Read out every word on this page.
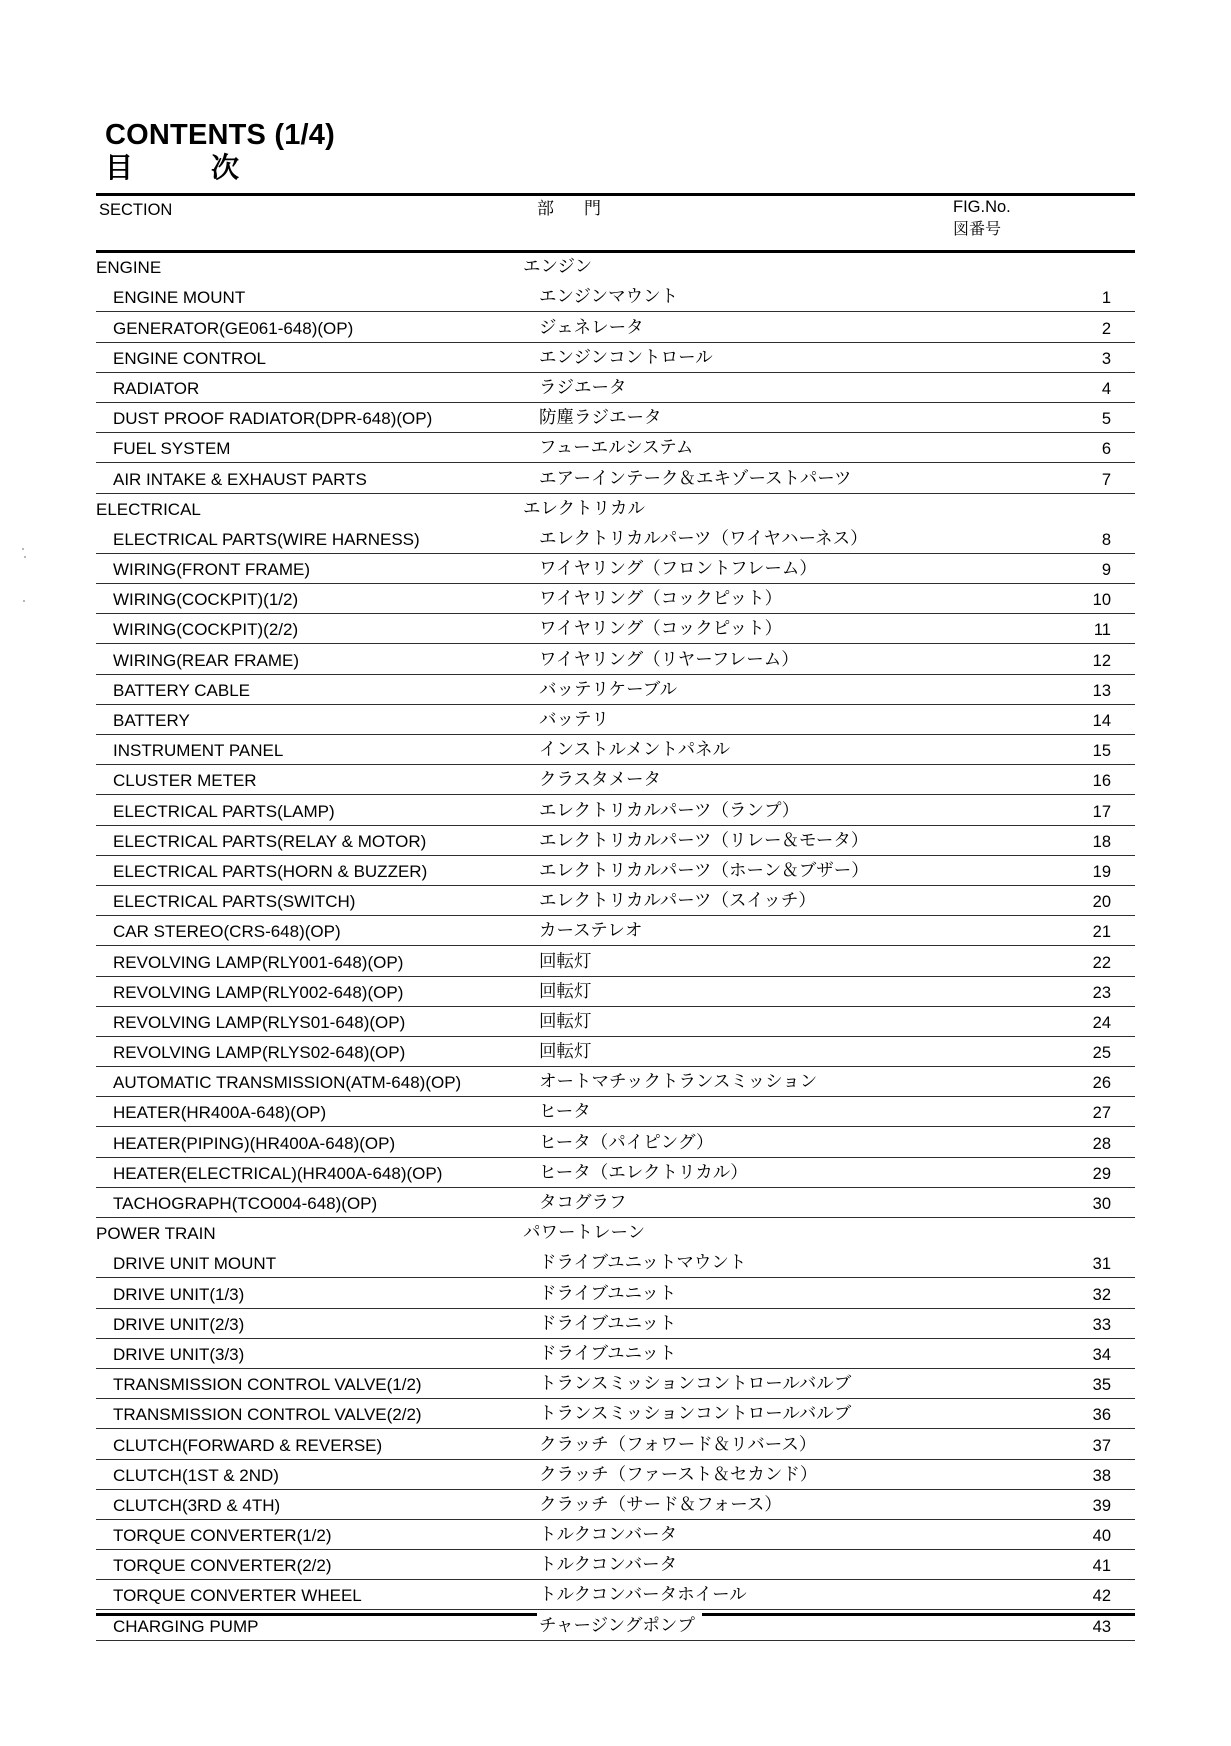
CONTENTS (1/4)
目	次
SECTION	部 門	FIG.No.
図番号
ENGINE	エンジン
ENGINE MOUNT	エンジンマウント	1
GENERATOR(GE061-648)(OP)	ジェネレータ	2
ENGINE CONTROL	エンジンコントロール	3
RADIATOR	ラジエータ	4
DUST PROOF RADIATOR(DPR-648)(OP)	防塵ラジエータ	5
FUEL SYSTEM	フューエルシステム	6
AIR INTAKE & EXHAUST PARTS	エアーインテーク＆エキゾーストパーツ	7
ELECTRICAL	エレクトリカル
ELECTRICAL PARTS(WIRE HARNESS)	エレクトリカルパーツ（ワイヤハーネス）	8
WIRING(FRONT FRAME)	ワイヤリング（フロントフレーム）	9
WIRING(COCKPIT)(1/2)	ワイヤリング（コックピット）	10
WIRING(COCKPIT)(2/2)	ワイヤリング（コックピット）	11
WIRING(REAR FRAME)	ワイヤリング（リヤーフレーム）	12
BATTERY CABLE	バッテリケーブル	13
BATTERY	バッテリ	14
INSTRUMENT PANEL	インストルメントパネル	15
CLUSTER METER	クラスタメータ	16
ELECTRICAL PARTS(LAMP)	エレクトリカルパーツ（ランプ）	17
ELECTRICAL PARTS(RELAY & MOTOR)	エレクトリカルパーツ（リレー＆モータ）	18
ELECTRICAL PARTS(HORN & BUZZER)	エレクトリカルパーツ（ホーン＆ブザー）	19
ELECTRICAL PARTS(SWITCH)	エレクトリカルパーツ（スイッチ）	20
CAR STEREO(CRS-648)(OP)	カーステレオ	21
REVOLVING LAMP(RLY001-648)(OP)	回転灯	22
REVOLVING LAMP(RLY002-648)(OP)	回転灯	23
REVOLVING LAMP(RLYS01-648)(OP)	回転灯	24
REVOLVING LAMP(RLYS02-648)(OP)	回転灯	25
AUTOMATIC TRANSMISSION(ATM-648)(OP)	オートマチックトランスミッション	26
HEATER(HR400A-648)(OP)	ヒータ	27
HEATER(PIPING)(HR400A-648)(OP)	ヒータ（パイピング）	28
HEATER(ELECTRICAL)(HR400A-648)(OP)	ヒータ（エレクトリカル）	29
TACHOGRAPH(TCO004-648)(OP)	タコグラフ	30
POWER TRAIN	パワートレーン
DRIVE UNIT MOUNT	ドライブユニットマウント	31
DRIVE UNIT(1/3)	ドライブユニット	32
DRIVE UNIT(2/3)	ドライブユニット	33
DRIVE UNIT(3/3)	ドライブユニット	34
TRANSMISSION CONTROL VALVE(1/2)	トランスミッションコントロールバルブ	35
TRANSMISSION CONTROL VALVE(2/2)	トランスミッションコントロールバルブ	36
CLUTCH(FORWARD & REVERSE)	クラッチ（フォワード＆リバース）	37
CLUTCH(1ST & 2ND)	クラッチ（ファースト＆セカンド）	38
CLUTCH(3RD & 4TH)	クラッチ（サード＆フォース）	39
TORQUE CONVERTER(1/2)	トルクコンバータ	40
TORQUE CONVERTER(2/2)	トルクコンバータ	41
TORQUE CONVERTER WHEEL	トルクコンバータホイール	42
CHARGING PUMP	チャージングポンプ	43
